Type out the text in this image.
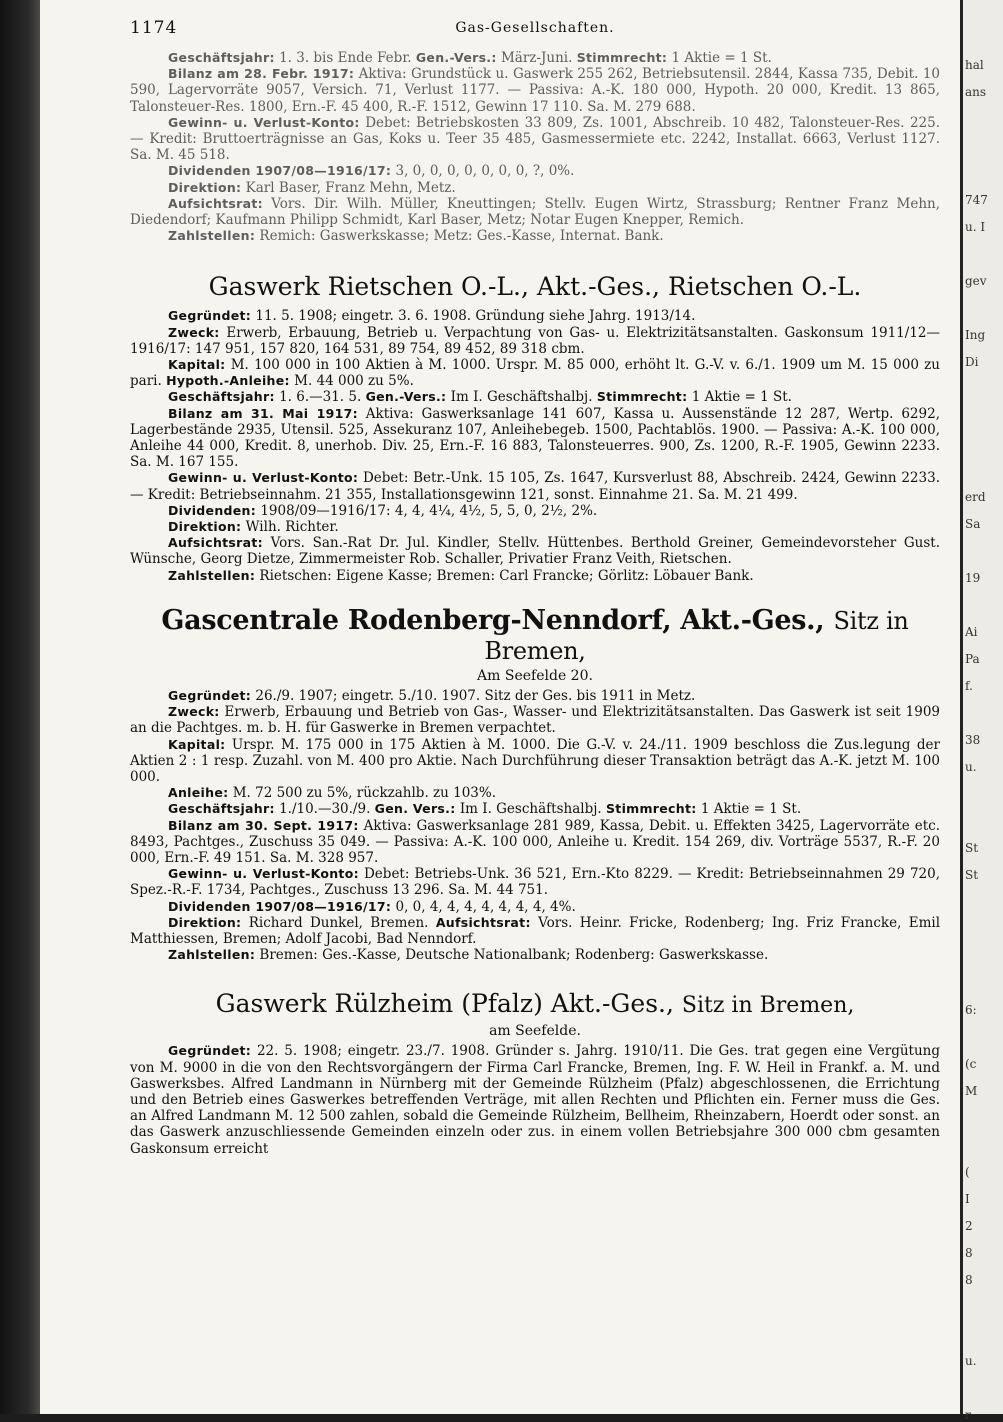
1174	Gas-Gesellschaften.

Geschäftsjahr: 1. 3. bis Ende Febr. Gen.-Vers.: März-Juni. Stimmrecht: 1 Aktie = 1 St.

Bilanz am 28. Febr. 1917: Aktiva: Grundstück u. Gaswerk 255 262, Betriebsutensil. 2844, Kassa 735, Debit. 10 590, Lagervorräte 9057, Versich. 71, Verlust 1177. — Passiva: A.-K. 180 000, Hypoth. 20 000, Kredit. 13 865, Talonsteuer-Res. 1800, Ern.-F. 45 400, R.-F. 1512, Gewinn 17 110. Sa. M. 279 688.

Gewinn- u. Verlust-Konto: Debet: Betriebskosten 33 809, Zs. 1001, Abschreib. 10 482, Talonsteuer-Res. 225. — Kredit: Bruttoerträgnisse an Gas, Koks u. Teer 35 485, Gasmessermiete etc. 2242, Installat. 6663, Verlust 1127. Sa. M. 45 518.

Dividenden 1907/08—1916/17: 3, 0, 0, 0, 0, 0, 0, 0, ?, 0%.

Direktion: Karl Baser, Franz Mehn, Metz.

Aufsichtsrat: Vors. Dir. Wilh. Müller, Kneuttingen; Stellv. Eugen Wirtz, Strassburg; Rentner Franz Mehn, Diedendorf; Kaufmann Philipp Schmidt, Karl Baser, Metz; Notar Eugen Knepper, Remich.

Zahlstellen: Remich: Gaswerkskasse; Metz: Ges.-Kasse, Internat. Bank.

Gaswerk Rietschen O.-L., Akt.-Ges., Rietschen O.-L.

Gegründet: 11. 5. 1908; eingetr. 3. 6. 1908. Gründung siehe Jahrg. 1913/14.

Zweck: Erwerb, Erbauung, Betrieb u. Verpachtung von Gas- u. Elektrizitätsanstalten. Gaskonsum 1911/12—1916/17: 147 951, 157 820, 164 531, 89 754, 89 452, 89 318 cbm.

Kapital: M. 100 000 in 100 Aktien à M. 1000. Urspr. M. 85 000, erhöht lt. G.-V. v. 6./1. 1909 um M. 15 000 zu pari. Hypoth.-Anleihe: M. 44 000 zu 5%.

Geschäftsjahr: 1. 6.—31. 5. Gen.-Vers.: Im I. Geschäftshalbj. Stimmrecht: 1 Aktie = 1 St.

Bilanz am 31. Mai 1917: Aktiva: Gaswerksanlage 141 607, Kassa u. Aussenstände 12 287, Wertp. 6292, Lagerbestände 2935, Utensil. 525, Assekuranz 107, Anleihebegeb. 1500, Pachtablös. 1900. — Passiva: A.-K. 100 000, Anleihe 44 000, Kredit. 8, unerhob. Div. 25, Ern.-F. 16 883, Talonsteuerres. 900, Zs. 1200, R.-F. 1905, Gewinn 2233. Sa. M. 167 155.

Gewinn- u. Verlust-Konto: Debet: Betr.-Unk. 15 105, Zs. 1647, Kursverlust 88, Abschreib. 2424, Gewinn 2233. — Kredit: Betriebseinnahm. 21 355, Installationsgewinn 121, sonst. Einnahme 21. Sa. M. 21 499.

Dividenden: 1908/09—1916/17: 4, 4, 4¼, 4½, 5, 5, 0, 2½, 2%.

Direktion: Wilh. Richter.

Aufsichtsrat: Vors. San.-Rat Dr. Jul. Kindler, Stellv. Hüttenbes. Berthold Greiner, Gemeindevorsteher Gust. Wünsche, Georg Dietze, Zimmermeister Rob. Schaller, Privatier Franz Veith, Rietschen.

Zahlstellen: Rietschen: Eigene Kasse; Bremen: Carl Francke; Görlitz: Löbauer Bank.

Gascentrale Rodenberg-Nenndorf, Akt.-Ges., Sitz in Bremen,
Am Seefelde 20.

Gegründet: 26./9. 1907; eingetr. 5./10. 1907. Sitz der Ges. bis 1911 in Metz.

Zweck: Erwerb, Erbauung und Betrieb von Gas-, Wasser- und Elektrizitätsanstalten. Das Gaswerk ist seit 1909 an die Pachtges. m. b. H. für Gaswerke in Bremen verpachtet.

Kapital: Urspr. M. 175 000 in 175 Aktien à M. 1000. Die G.-V. v. 24./11. 1909 beschloss die Zus.legung der Aktien 2 : 1 resp. Zuzahl. von M. 400 pro Aktie. Nach Durchführung dieser Transaktion beträgt das A.-K. jetzt M. 100 000.

Anleihe: M. 72 500 zu 5%, rückzahlb. zu 103%.

Geschäftsjahr: 1./10.—30./9. Gen. Vers.: Im I. Geschäftshalbj. Stimmrecht: 1 Aktie = 1 St.

Bilanz am 30. Sept. 1917: Aktiva: Gaswerksanlage 281 989, Kassa, Debit. u. Effekten 3425, Lagervorräte etc. 8493, Pachtges., Zuschuss 35 049. — Passiva: A.-K. 100 000, Anleihe u. Kredit. 154 269, div. Vorträge 5537, R.-F. 20 000, Ern.-F. 49 151. Sa. M. 328 957.

Gewinn- u. Verlust-Konto: Debet: Betriebs-Unk. 36 521, Ern.-Kto 8229. — Kredit: Betriebseinnahmen 29 720, Spez.-R.-F. 1734, Pachtges., Zuschuss 13 296. Sa. M. 44 751.

Dividenden 1907/08—1916/17: 0, 0, 4, 4, 4, 4, 4, 4, 4, 4%.

Direktion: Richard Dunkel, Bremen. Aufsichtsrat: Vors. Heinr. Fricke, Rodenberg; Ing. Friz Francke, Emil Matthiessen, Bremen; Adolf Jacobi, Bad Nenndorf.

Zahlstellen: Bremen: Ges.-Kasse, Deutsche Nationalbank; Rodenberg: Gaswerkskasse.

Gaswerk Rülzheim (Pfalz) Akt.-Ges., Sitz in Bremen,
am Seefelde.

Gegründet: 22. 5. 1908; eingetr. 23./7. 1908. Gründer s. Jahrg. 1910/11. Die Ges. trat gegen eine Vergütung von M. 9000 in die von den Rechtsvorgängern der Firma Carl Francke, Bremen, Ing. F. W. Heil in Frankf. a. M. und Gaswerksbes. Alfred Landmann in Nürnberg mit der Gemeinde Rülzheim (Pfalz) abgeschlossenen, die Errichtung und den Betrieb eines Gaswerkes betreffenden Verträge, mit allen Rechten und Pflichten ein. Ferner muss die Ges. an Alfred Landmann M. 12 500 zahlen, sobald die Gemeinde Rülzheim, Bellheim, Rheinzabern, Hoerdt oder sonst. an das Gaswerk anzuschliessende Gemeinden einzeln oder zus. in einem vollen Betriebsjahre 300 000 cbm gesamten Gaskonsum erreicht

hal
ans
747
u. I
gev
Ing
Di
erd
Sa
19
Ai
Pa
f.
38
u.
St
St
6:
(c
M
(
I
2
8
8
u.
r
